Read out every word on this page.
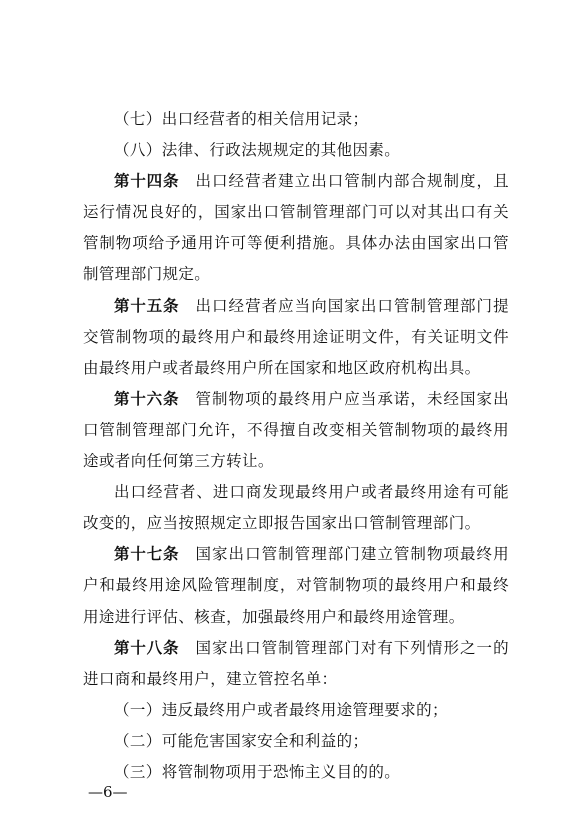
（七）出口经营者的相关信用记录；

（八）法律、行政法规规定的其他因素。

第十四条 出口经营者建立出口管制内部合规制度，且运行情况良好的，国家出口管制管理部门可以对其出口有关管制物项给予通用许可等便利措施。具体办法由国家出口管制管理部门规定。

第十五条 出口经营者应当向国家出口管制管理部门提交管制物项的最终用户和最终用途证明文件，有关证明文件由最终用户或者最终用户所在国家和地区政府机构出具。

第十六条 管制物项的最终用户应当承诺，未经国家出口管制管理部门允许，不得擅自改变相关管制物项的最终用途或者向任何第三方转让。

出口经营者、进口商发现最终用户或者最终用途有可能改变的，应当按照规定立即报告国家出口管制管理部门。

第十七条 国家出口管制管理部门建立管制物项最终用户和最终用途风险管理制度，对管制物项的最终用户和最终用途进行评估、核查，加强最终用户和最终用途管理。

第十八条 国家出口管制管理部门对有下列情形之一的进口商和最终用户，建立管控名单：

（一）违反最终用户或者最终用途管理要求的；

（二）可能危害国家安全和利益的；

（三）将管制物项用于恐怖主义目的的。

—6—
